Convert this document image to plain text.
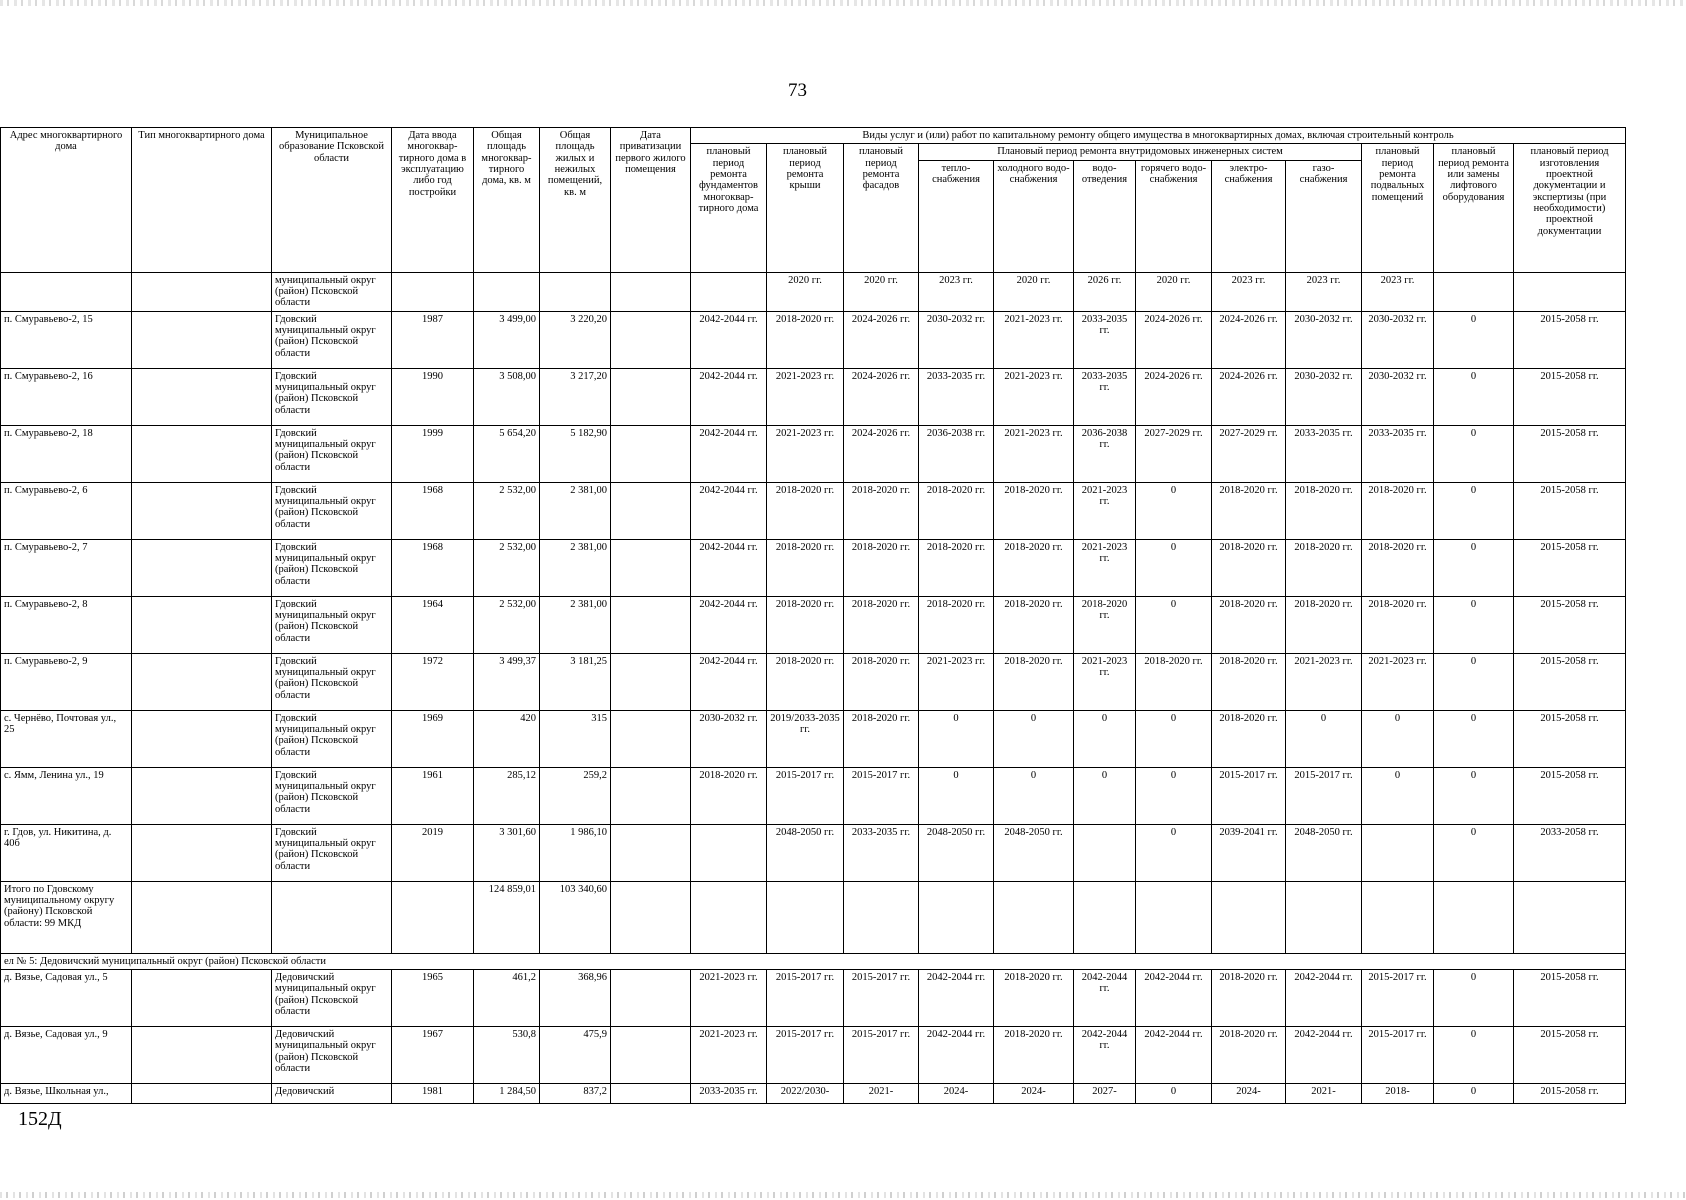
73
Адрес многоквартирного дома	Тип многоквартирного дома	Муниципальное образование Псковской области	Дата ввода многоквар-тирного дома в эксплуатацию либо год постройки	Общая площадь многоквар-тирного дома, кв. м	Общая площадь жилых и нежилых помещений, кв. м	Дата приватизации первого жилого помещения	Виды услуг и (или) работ по капитальному ремонту общего имущества в многоквартирных домах, включая строительный контроль											
							плановый период ремонта фундаментов многоквар-тирного дома	плановый период ремонта крыши	плановый период ремонта фасадов	Плановый период ремонта внутридомовых инженерных систем						плановый период ремонта подвальных помещений	плановый период ремонта или замены лифтового оборудования	плановый период изготовления проектной документации и экспертизы (при необходимости) проектной документации
										тепло-снабжения	холодного водо-снабжения	водо-отведения	горячего водо-снабжения	электро-снабжения	газо-снабжения			
		муниципальный округ (район) Псковской области						2020 гг.	2020 гг.	2023 гг.	2020 гг.	2026 гг.	2020 гг.	2023 гг.	2023 гг.	2023 гг.		
п. Смуравьево-2, 15		Гдовский муниципальный округ (район) Псковской области	1987	3 499,00	3 220,20		2042-2044 гг.	2018-2020 гг.	2024-2026 гг.	2030-2032 гг.	2021-2023 гг.	2033-2035 гг.	2024-2026 гг.	2024-2026 гг.	2030-2032 гг.	2030-2032 гг.	0	2015-2058 гг.
п. Смуравьево-2, 16		Гдовский муниципальный округ (район) Псковской области	1990	3 508,00	3 217,20		2042-2044 гг.	2021-2023 гг.	2024-2026 гг.	2033-2035 гг.	2021-2023 гг.	2033-2035 гг.	2024-2026 гг.	2024-2026 гг.	2030-2032 гг.	2030-2032 гг.	0	2015-2058 гг.
п. Смуравьево-2, 18		Гдовский муниципальный округ (район) Псковской области	1999	5 654,20	5 182,90		2042-2044 гг.	2021-2023 гг.	2024-2026 гг.	2036-2038 гг.	2021-2023 гг.	2036-2038 гг.	2027-2029 гг.	2027-2029 гг.	2033-2035 гг.	2033-2035 гг.	0	2015-2058 гг.
п. Смуравьево-2, 6		Гдовский муниципальный округ (район) Псковской области	1968	2 532,00	2 381,00		2042-2044 гг.	2018-2020 гг.	2018-2020 гг.	2018-2020 гг.	2018-2020 гг.	2021-2023 гг.	0	2018-2020 гг.	2018-2020 гг.	2018-2020 гг.	0	2015-2058 гг.
п. Смуравьево-2, 7		Гдовский муниципальный округ (район) Псковской области	1968	2 532,00	2 381,00		2042-2044 гг.	2018-2020 гг.	2018-2020 гг.	2018-2020 гг.	2018-2020 гг.	2021-2023 гг.	0	2018-2020 гг.	2018-2020 гг.	2018-2020 гг.	0	2015-2058 гг.
п. Смуравьево-2, 8		Гдовский муниципальный округ (район) Псковской области	1964	2 532,00	2 381,00		2042-2044 гг.	2018-2020 гг.	2018-2020 гг.	2018-2020 гг.	2018-2020 гг.	2018-2020 гг.	0	2018-2020 гг.	2018-2020 гг.	2018-2020 гг.	0	2015-2058 гг.
п. Смуравьево-2, 9		Гдовский муниципальный округ (район) Псковской области	1972	3 499,37	3 181,25		2042-2044 гг.	2018-2020 гг.	2018-2020 гг.	2021-2023 гг.	2018-2020 гг.	2021-2023 гг.	2018-2020 гг.	2018-2020 гг.	2021-2023 гг.	2021-2023 гг.	0	2015-2058 гг.
с. Чернёво, Почтовая ул., 25		Гдовский муниципальный округ (район) Псковской области	1969	420	315		2030-2032 гг.	2019/2033-2035 гг.	2018-2020 гг.	0	0	0	0	2018-2020 гг.	0	0	0	2015-2058 гг.
с. Ямм, Ленина ул., 19		Гдовский муниципальный округ (район) Псковской области	1961	285,12	259,2		2018-2020 гг.	2015-2017 гг.	2015-2017 гг.	0	0	0	0	2015-2017 гг.	2015-2017 гг.	0	0	2015-2058 гг.
г. Гдов, ул. Никитина, д. 40б		Гдовский муниципальный округ (район) Псковской области	2019	3 301,60	1 986,10			2048-2050 гг.	2033-2035 гг.	2048-2050 гг.	2048-2050 гг.		0	2039-2041 гг.	2048-2050 гг.		0	2033-2058 гг.
Итого по Гдовскому муниципальному округу (району) Псковской области: 99 МКД				124 859,01	103 340,60													
ел № 5: Дедовичский муниципальный округ (район) Псковской области																		
д. Вязье, Садовая ул., 5		Дедовичский муниципальный округ (район) Псковской области	1965	461,2	368,96		2021-2023 гг.	2015-2017 гг.	2015-2017 гг.	2042-2044 гг.	2018-2020 гг.	2042-2044 гг.	2042-2044 гг.	2018-2020 гг.	2042-2044 гг.	2015-2017 гг.	0	2015-2058 гг.
д. Вязье, Садовая ул., 9		Дедовичский муниципальный округ (район) Псковской области	1967	530,8	475,9		2021-2023 гг.	2015-2017 гг.	2015-2017 гг.	2042-2044 гг.	2018-2020 гг.	2042-2044 гг.	2042-2044 гг.	2018-2020 гг.	2042-2044 гг.	2015-2017 гг.	0	2015-2058 гг.
д. Вязье, Школьная ул.,		Дедовичский	1981	1 284,50	837,2		2033-2035 гг.	2022/2030-	2021-	2024-	2024-	2027-	0	2024-	2021-	2018-	0	2015-2058 гг.
152Д
